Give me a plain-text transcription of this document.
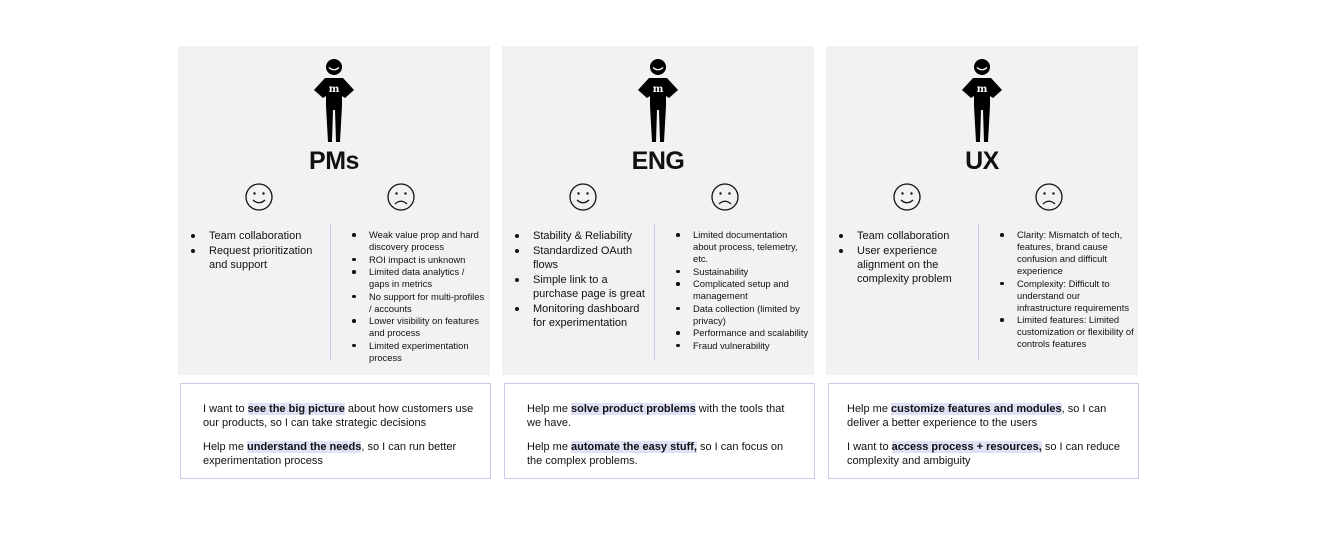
m
PMs
Team collaboration
Request prioritization and support
Weak value prop and hard discovery process
ROI impact is unknown
Limited data analytics / gaps in metrics
No support for multi-profiles / accounts
Lower visibility on features and process
Limited experimentation process

I want to see the big picture about how customers use our products, so I can take strategic decisions

Help me understand the needs, so I can run better experimentation process

m
ENG
Stability & Reliability
Standardized OAuth flows
Simple link to a purchase page is great
Monitoring dashboard for experimentation
Limited documentation about process, telemetry, etc.
Sustainability
Complicated setup and management
Data collection (limited by privacy)
Performance and scalability
Fraud vulnerability

Help me solve product problems with the tools that we have.

Help me automate the easy stuff, so I can focus on the complex problems.

m
UX
Team collaboration
User experience alignment on the complexity problem
Clarity: Mismatch of tech, features, brand cause confusion and difficult experience
Complexity: Difficult to understand our infrastructure requirements
Limited features: Limited customization or flexibility of controls features

Help me customize features and modules, so I can deliver a better experience to the users

I want to access process + resources, so I can reduce complexity and ambiguity
